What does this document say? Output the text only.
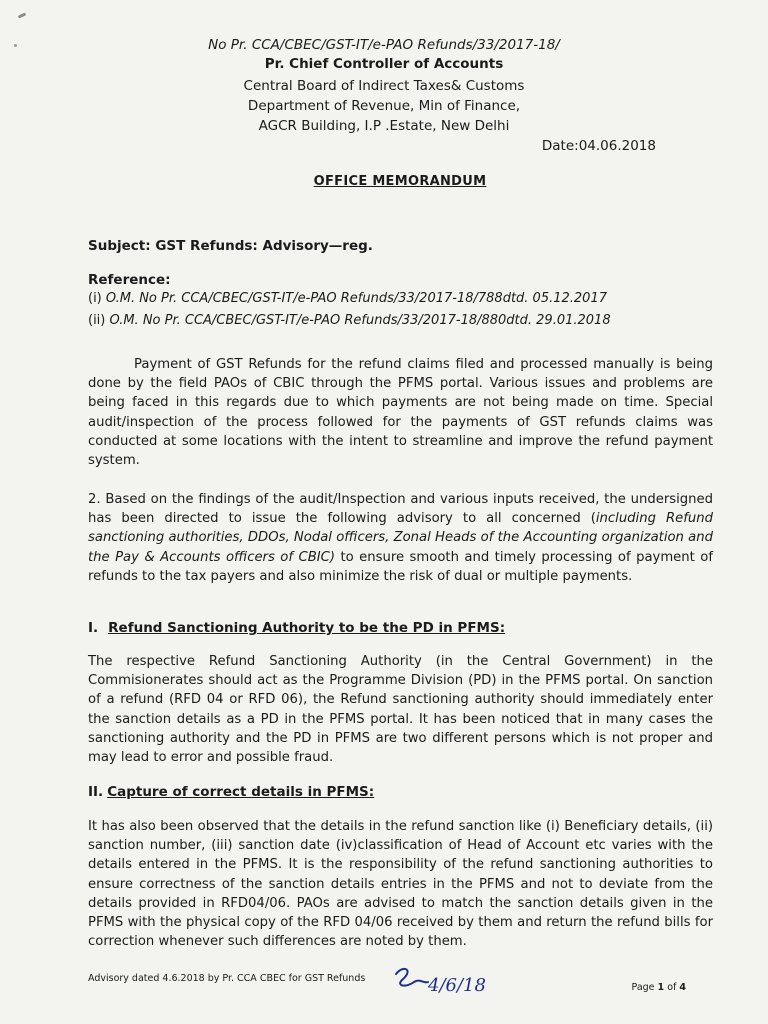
No Pr. CCA/CBEC/GST-IT/e-PAO Refunds/33/2017-18/
Pr. Chief Controller of Accounts
Central Board of Indirect Taxes& Customs
Department of Revenue, Min of Finance,
AGCR Building, I.P .Estate, New Delhi
Date:04.06.2018
OFFICE MEMORANDUM
Subject: GST Refunds: Advisory—reg.
Reference:
(i) O.M. No Pr. CCA/CBEC/GST-IT/e-PAO Refunds/33/2017-18/788dtd. 05.12.2017
(ii) O.M. No Pr. CCA/CBEC/GST-IT/e-PAO Refunds/33/2017-18/880dtd. 29.01.2018
Payment of GST Refunds for the refund claims filed and processed manually is being done by the field PAOs of CBIC through the PFMS portal. Various issues and problems are being faced in this regards due to which payments are not being made on time. Special audit/inspection of the process followed for the payments of GST refunds claims was conducted at some locations with the intent to streamline and improve the refund payment system.
2. Based on the findings of the audit/Inspection and various inputs received, the undersigned has been directed to issue the following advisory to all concerned (including Refund sanctioning authorities, DDOs, Nodal officers, Zonal Heads of the Accounting organization and the Pay & Accounts officers of CBIC) to ensure smooth and timely processing of payment of refunds to the tax payers and also minimize the risk of dual or multiple payments.
I. Refund Sanctioning Authority to be the PD in PFMS:
The respective Refund Sanctioning Authority (in the Central Government) in the Commisionerates should act as the Programme Division (PD) in the PFMS portal. On sanction of a refund (RFD 04 or RFD 06), the Refund sanctioning authority should immediately enter the sanction details as a PD in the PFMS portal. It has been noticed that in many cases the sanctioning authority and the PD in PFMS are two different persons which is not proper and may lead to error and possible fraud.
II. Capture of correct details in PFMS:
It has also been observed that the details in the refund sanction like (i) Beneficiary details, (ii) sanction number, (iii) sanction date (iv)classification of Head of Account etc varies with the details entered in the PFMS. It is the responsibility of the refund sanctioning authorities to ensure correctness of the sanction details entries in the PFMS and not to deviate from the details provided in RFD04/06. PAOs are advised to match the sanction details given in the PFMS with the physical copy of the RFD 04/06 received by them and return the refund bills for correction whenever such differences are noted by them.
Advisory dated 4.6.2018 by Pr. CCA CBEC for GST Refunds	4/6/18	Page 1 of 4
